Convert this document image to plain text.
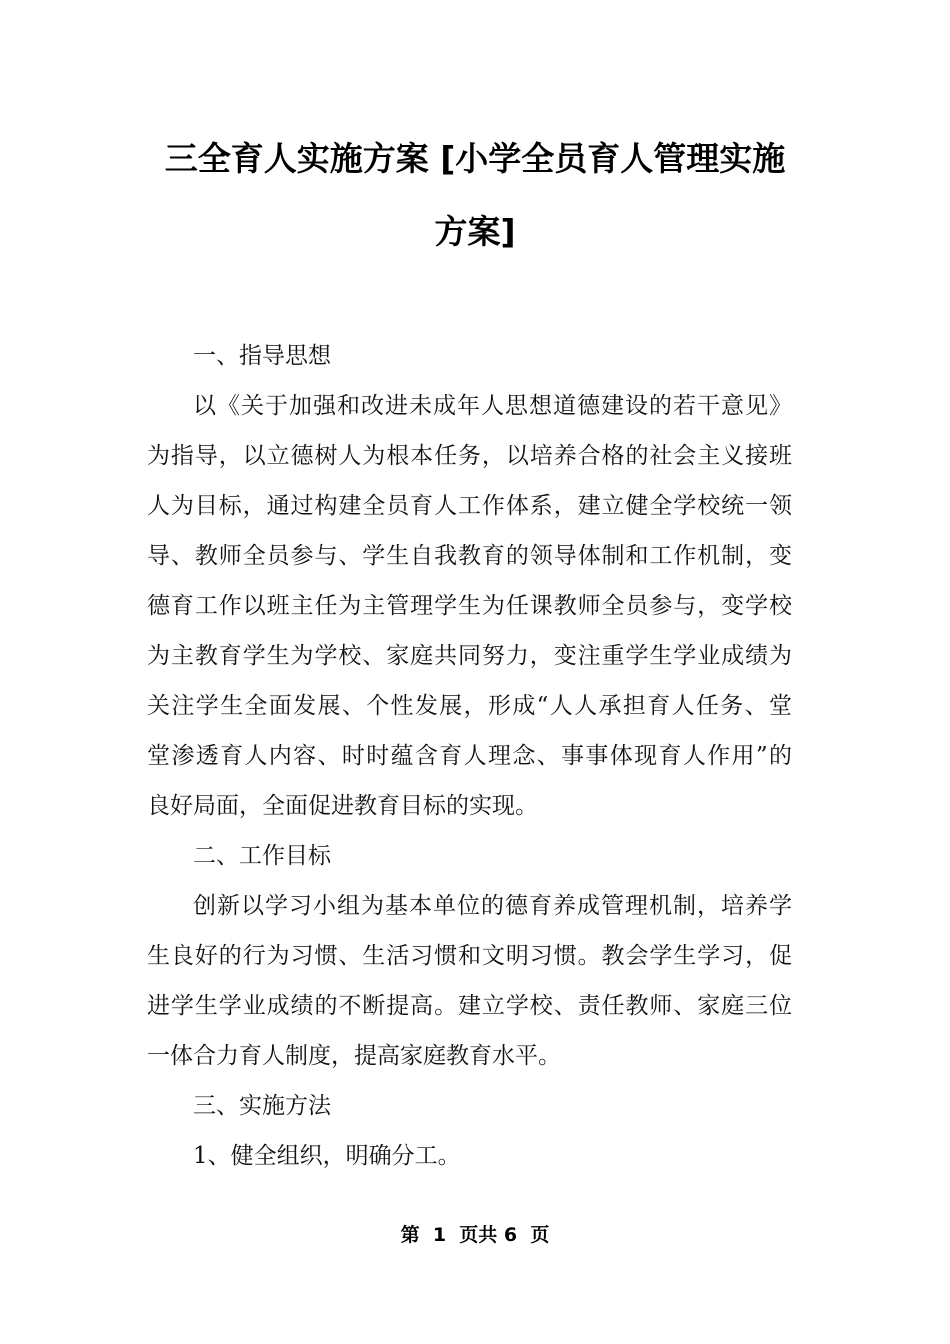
三全育人实施方案 [小学全员育人管理实施
方案]
一、指导思想
以《关于加强和改进未成年人思想道德建设的若干意见》
为指导，以立德树人为根本任务，以培养合格的社会主义接班
人为目标，通过构建全员育人工作体系，建立健全学校统一领
导、教师全员参与、学生自我教育的领导体制和工作机制，变
德育工作以班主任为主管理学生为任课教师全员参与，变学校
为主教育学生为学校、家庭共同努力，变注重学生学业成绩为
关注学生全面发展、个性发展，形成“人人承担育人任务、堂
堂渗透育人内容、时时蕴含育人理念、事事体现育人作用”的
良好局面，全面促进教育目标的实现。
二、工作目标
创新以学习小组为基本单位的德育养成管理机制，培养学
生良好的行为习惯、生活习惯和文明习惯。教会学生学习，促
进学生学业成绩的不断提高。建立学校、责任教师、家庭三位
一体合力育人制度，提高家庭教育水平。
三、实施方法
1、健全组织，明确分工。
第  1  页共 6  页
